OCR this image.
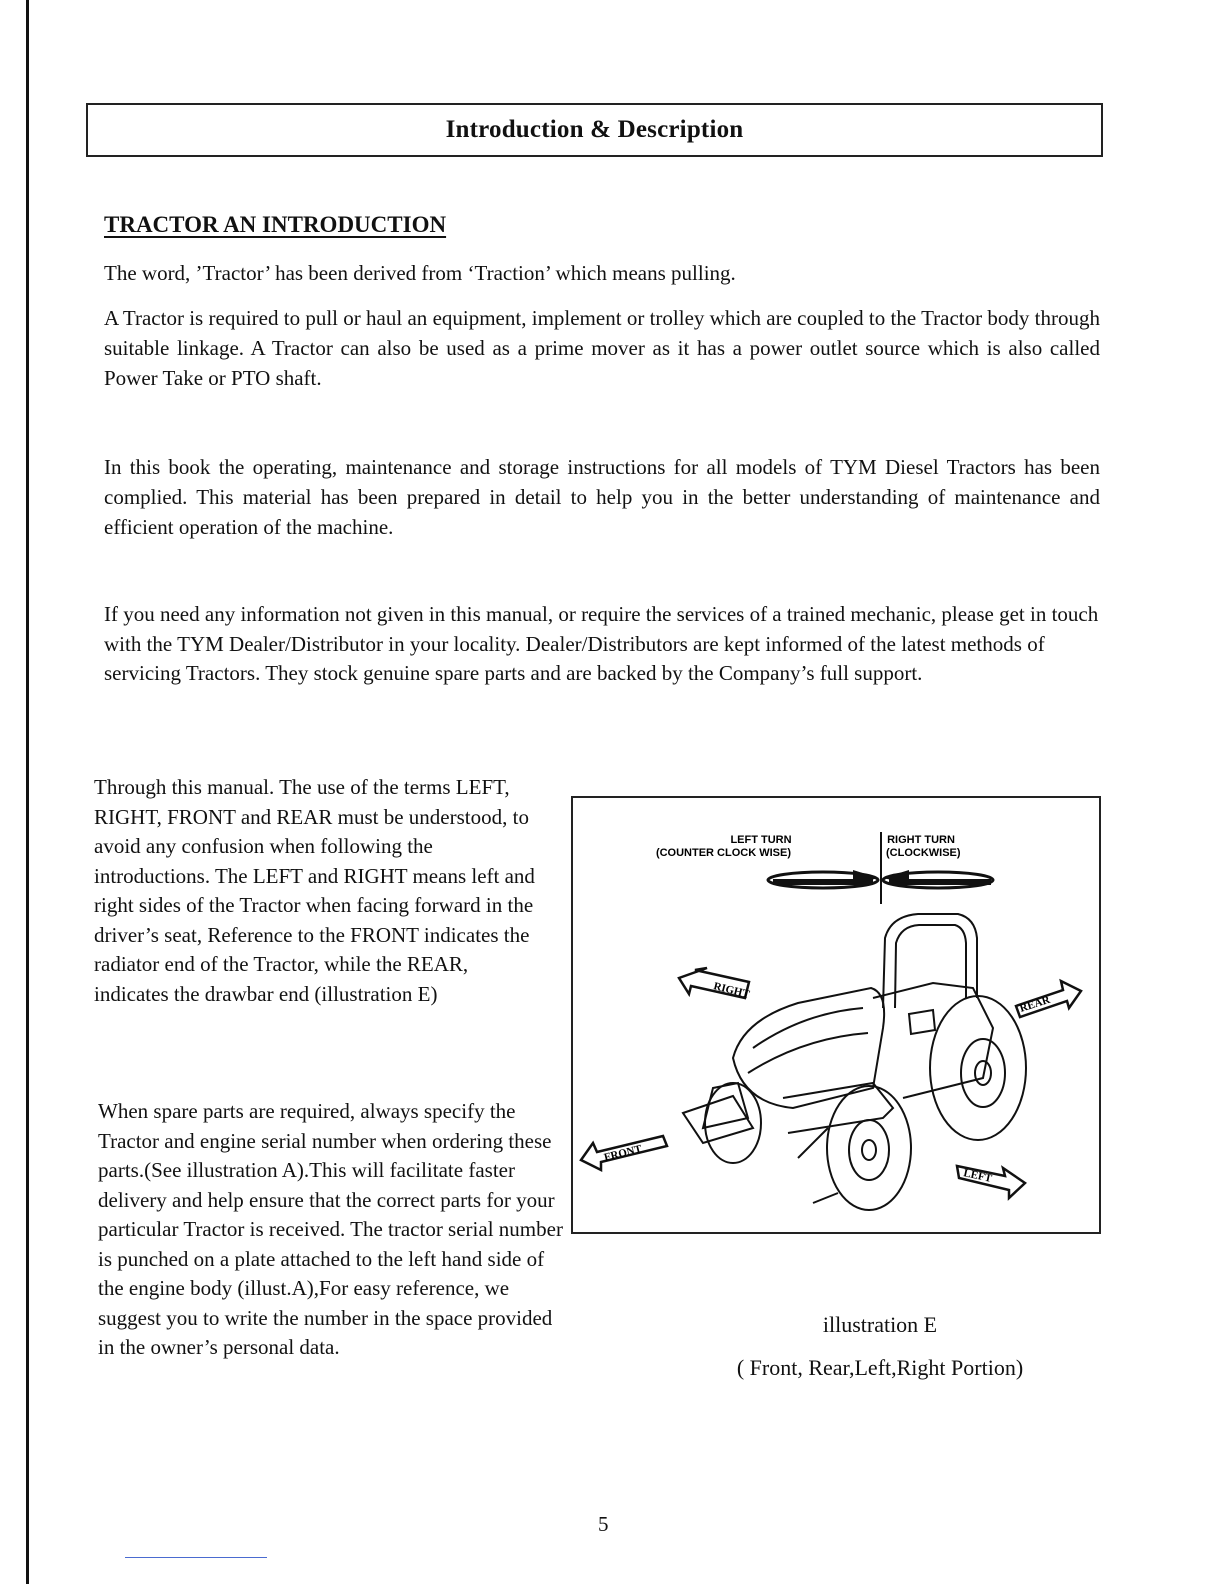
Introduction & Description
TRACTOR AN INTRODUCTION

The word, ’Tractor’ has been derived from ‘Traction’ which means pulling.

A Tractor is required to pull or haul an equipment, implement or trolley which are coupled to the Tractor body through suitable linkage. A Tractor can also be used as a prime mover as it has a power outlet source which is also called Power Take or PTO shaft.

In this book the operating, maintenance and storage instructions for all models of TYM Diesel Tractors has been complied. This material has been prepared in detail to help you in the better understanding of maintenance and efficient operation of the machine.

If you need any information not given in this manual, or require the services of a trained mechanic, please get in touch with the TYM Dealer/Distributor in your locality. Dealer/Distributors are kept informed of the latest methods of servicing Tractors. They stock genuine spare parts and are backed by the Company’s full support.

Through this manual. The use of the terms LEFT, RIGHT, FRONT and REAR must be understood, to avoid any confusion when following the introductions. The LEFT and RIGHT means left and right sides of the Tractor when facing forward in the driver’s seat, Reference to the FRONT indicates the radiator end of the Tractor, while the REAR, indicates the drawbar end (illustration E)

When spare parts are required, always specify the Tractor and engine serial number when ordering these parts.(See illustration A).This will facilitate faster delivery and help ensure that the correct parts for your particular Tractor is received. The tractor serial number is punched on a plate attached to the left hand side of the engine body (illust.A),For easy reference, we suggest you to write the number in the space provided in the owner’s personal data.

LEFT TURN
(COUNTER CLOCK WISE)
RIGHT TURN
(CLOCKWISE)
RIGHT
REAR
FRONT
LEFT
illustration E
( Front, Rear,Left,Right Portion)
5
